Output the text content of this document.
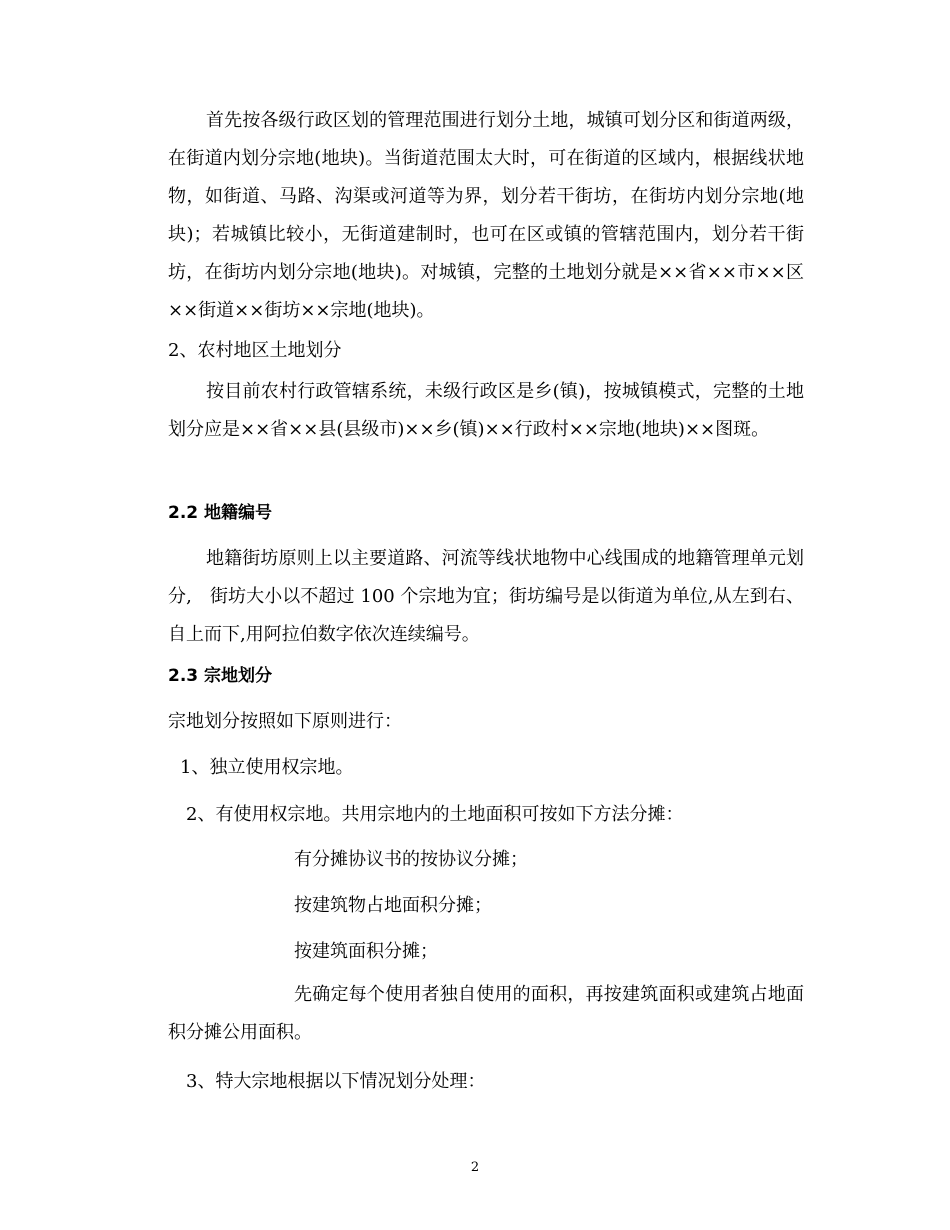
首先按各级行政区划的管理范围进行划分土地，城镇可划分区和街道两级，在街道内划分宗地(地块)。当街道范围太大时，可在街道的区域内，根据线状地物，如街道、马路、沟渠或河道等为界，划分若干街坊，在街坊内划分宗地(地块)；若城镇比较小，无街道建制时，也可在区或镇的管辖范围内，划分若干街坊，在街坊内划分宗地(地块)。对城镇，完整的土地划分就是××省××市××区××街道××街坊××宗地(地块)。

2、农村地区土地划分

按目前农村行政管辖系统，未级行政区是乡(镇)，按城镇模式，完整的土地划分应是××省××县(县级市)××乡(镇)××行政村××宗地(地块)××图斑。

2.2 地籍编号

地籍街坊原则上以主要道路、河流等线状地物中心线围成的地籍管理单元划分,　街坊大小以不超过 100 个宗地为宜；街坊编号是以街道为单位,从左到右、自上而下,用阿拉伯数字依次连续编号。

2.3 宗地划分

宗地划分按照如下原则进行：

1、独立使用权宗地。

2、有使用权宗地。共用宗地内的土地面积可按如下方法分摊：

有分摊协议书的按协议分摊；

按建筑物占地面积分摊；

按建筑面积分摊；

先确定每个使用者独自使用的面积，再按建筑面积或建筑占地面积分摊公用面积。

3、特大宗地根据以下情况划分处理：

2
